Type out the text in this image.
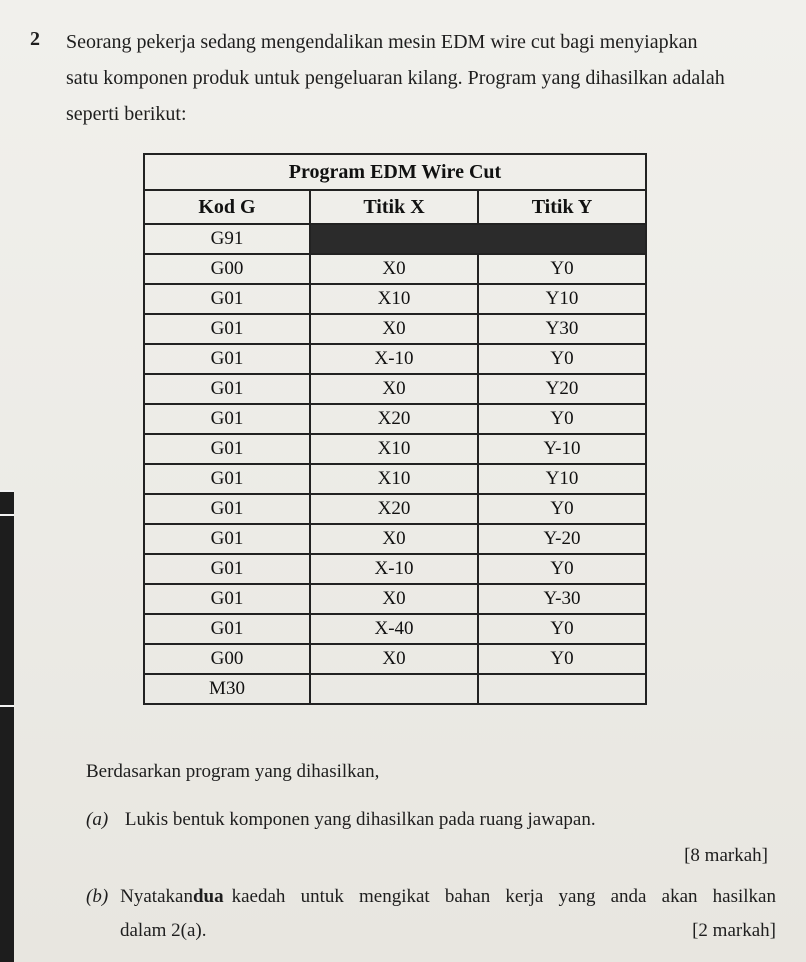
2 Seorang pekerja sedang mengendalikan mesin EDM wire cut bagi menyiapkan

satu komponen produk untuk pengeluaran kilang. Program yang dihasilkan adalah

seperti berikut:

Program EDM Wire Cut		
Kod G	Titik X	Titik Y
G91		
G00	X0	Y0
G01	X10	Y10
G01	X0	Y30
G01	X-10	Y0
G01	X0	Y20
G01	X20	Y0
G01	X10	Y-10
G01	X10	Y10
G01	X20	Y0
G01	X0	Y-20
G01	X-10	Y0
G01	X0	Y-30
G01	X-40	Y0
G00	X0	Y0
M30		
Berdasarkan program yang dihasilkan,
(a) Lukis bentuk komponen yang dihasilkan pada ruang jawapan.
[8 markah]
(b) Nyatakan dua kaedah untuk mengikat bahan kerja yang anda akan hasilkan
dalam 2(a).	[2 markah]
